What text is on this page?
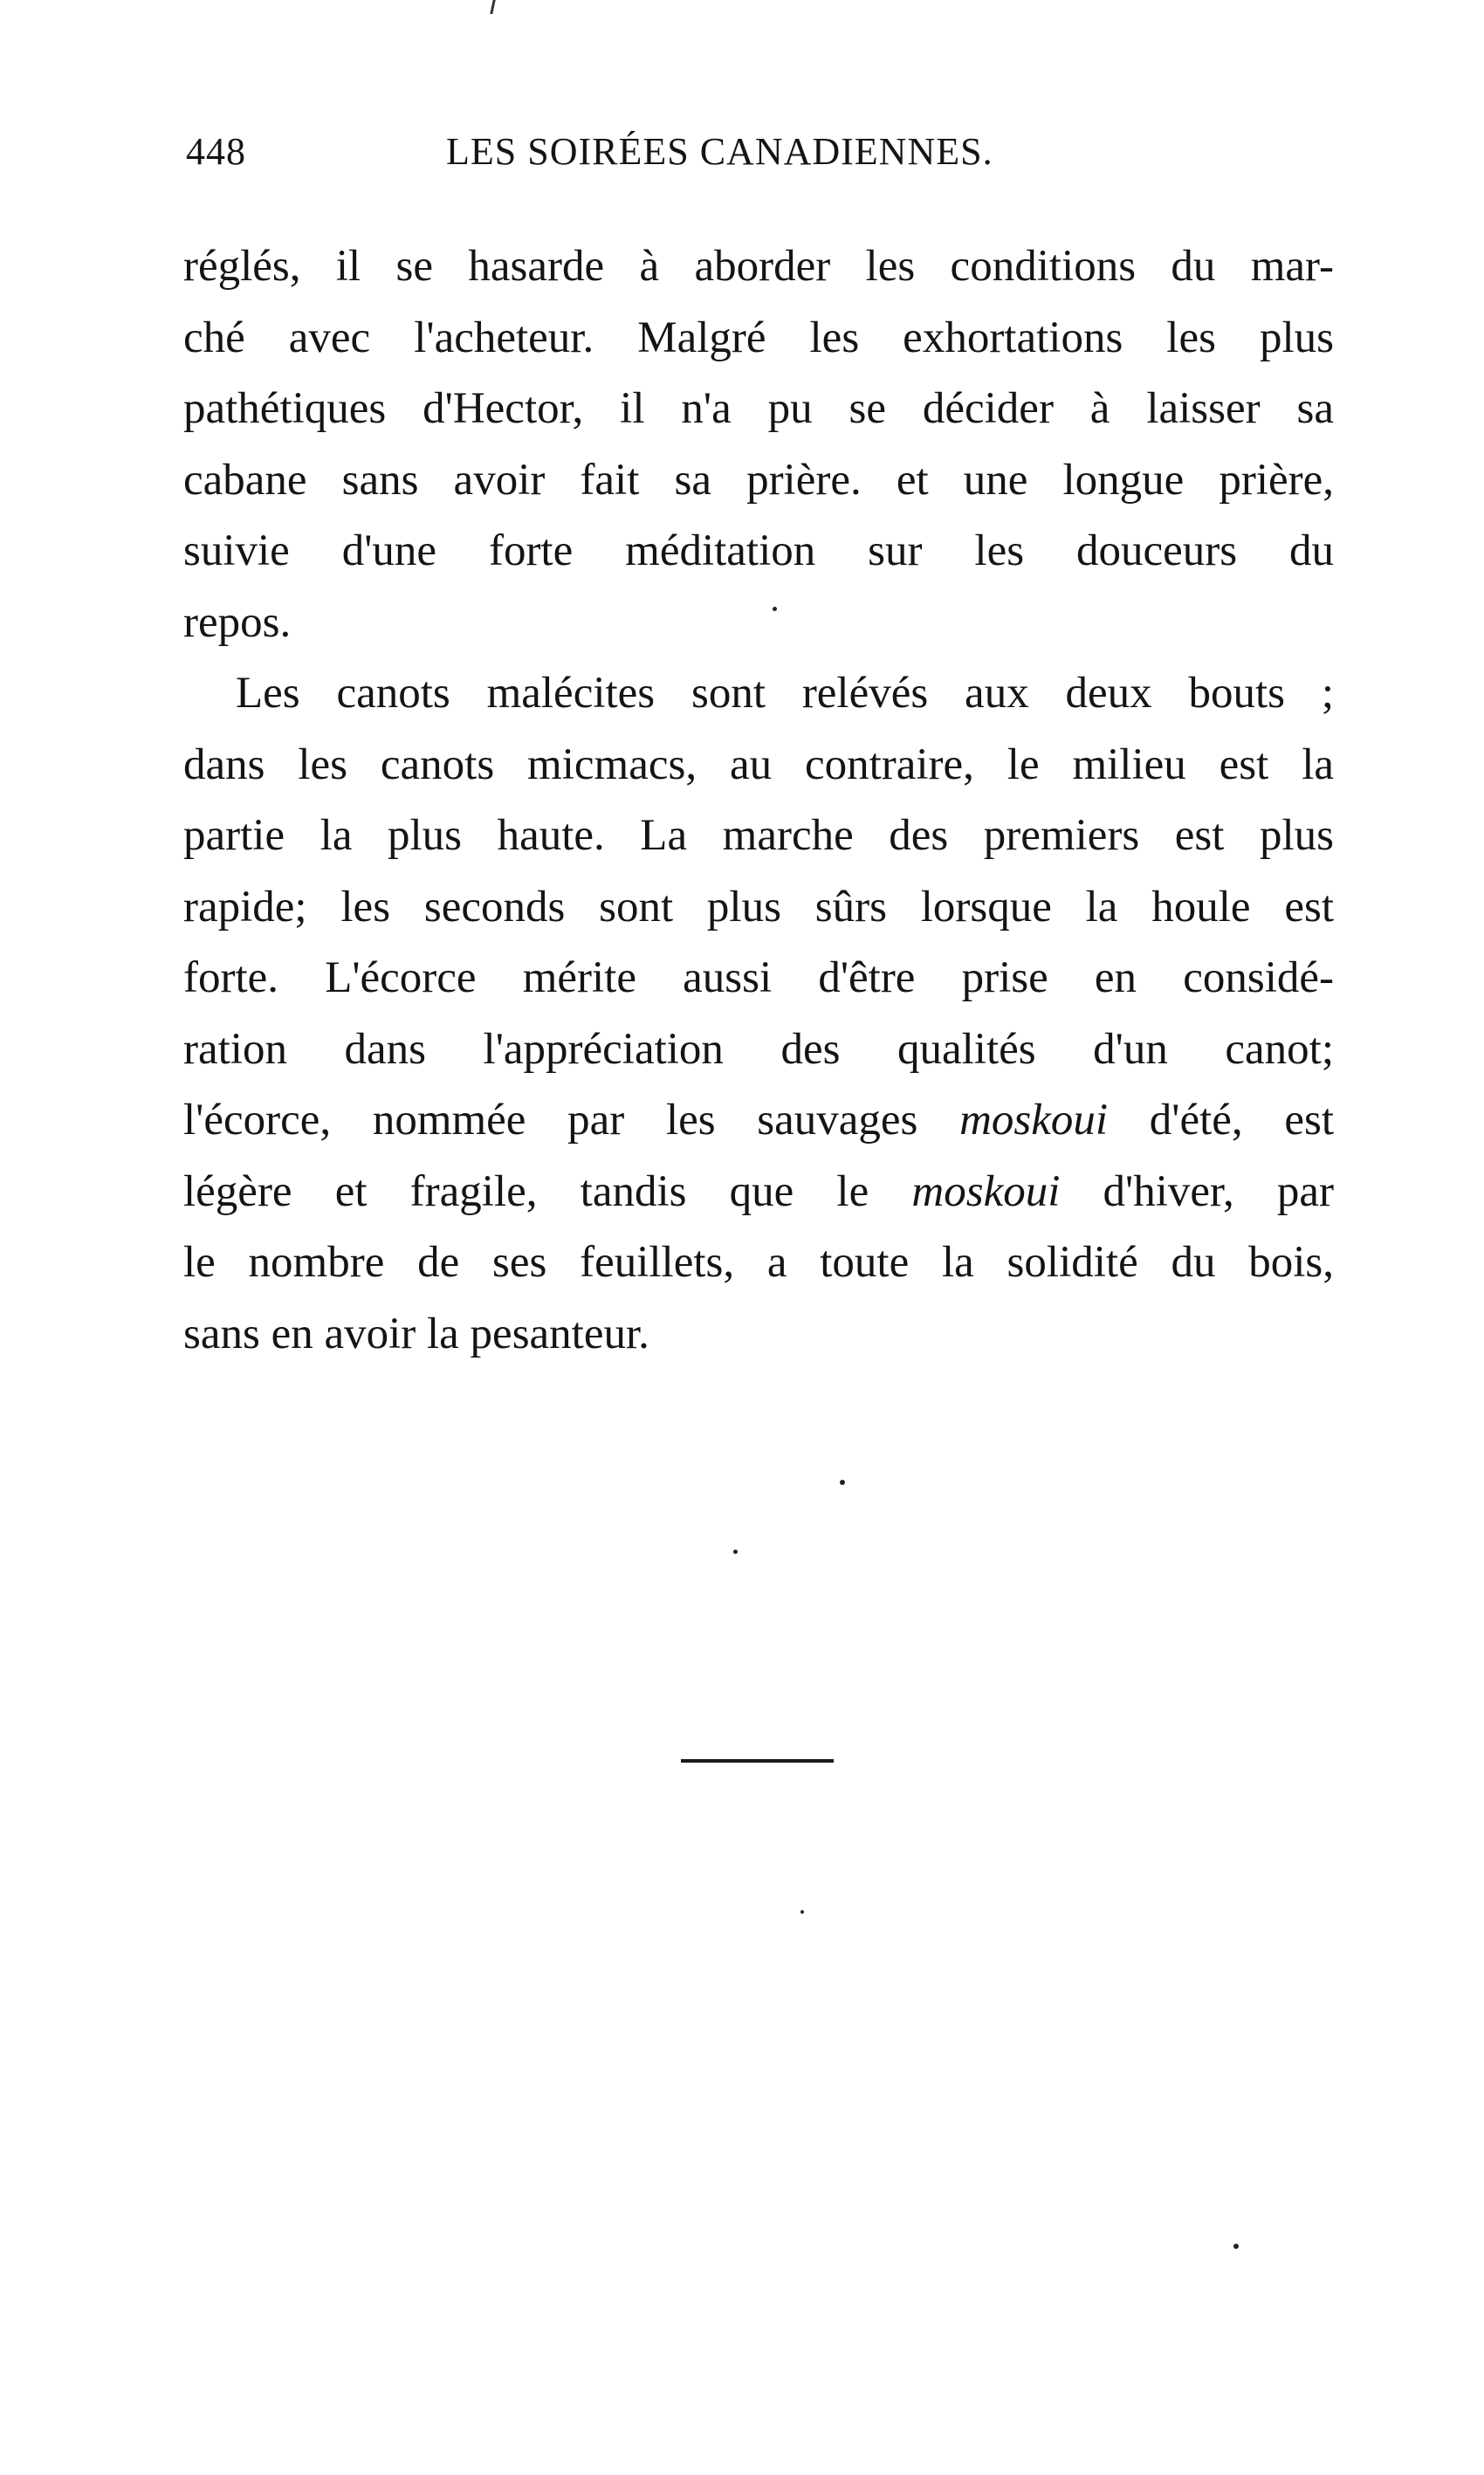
448	LES SOIRÉES CANADIENNES.
réglés, il se hasarde à aborder les conditions du mar-
ché avec l'acheteur. Malgré les exhortations les plus
pathétiques d'Hector, il n'a pu se décider à laisser sa
cabane sans avoir fait sa prière. et une longue prière,
suivie d'une forte méditation sur les douceurs du
repos.
Les canots malécites sont relévés aux deux bouts ;
dans les canots micmacs, au contraire, le milieu est la
partie la plus haute. La marche des premiers est plus
rapide; les seconds sont plus sûrs lorsque la houle est
forte. L'écorce mérite aussi d'être prise en considé-
ration dans l'appréciation des qualités d'un canot;
l'écorce, nommée par les sauvages moskoui d'été, est
légère et fragile, tandis que le moskoui d'hiver, par
le nombre de ses feuillets, a toute la solidité du bois,
sans en avoir la pesanteur.
